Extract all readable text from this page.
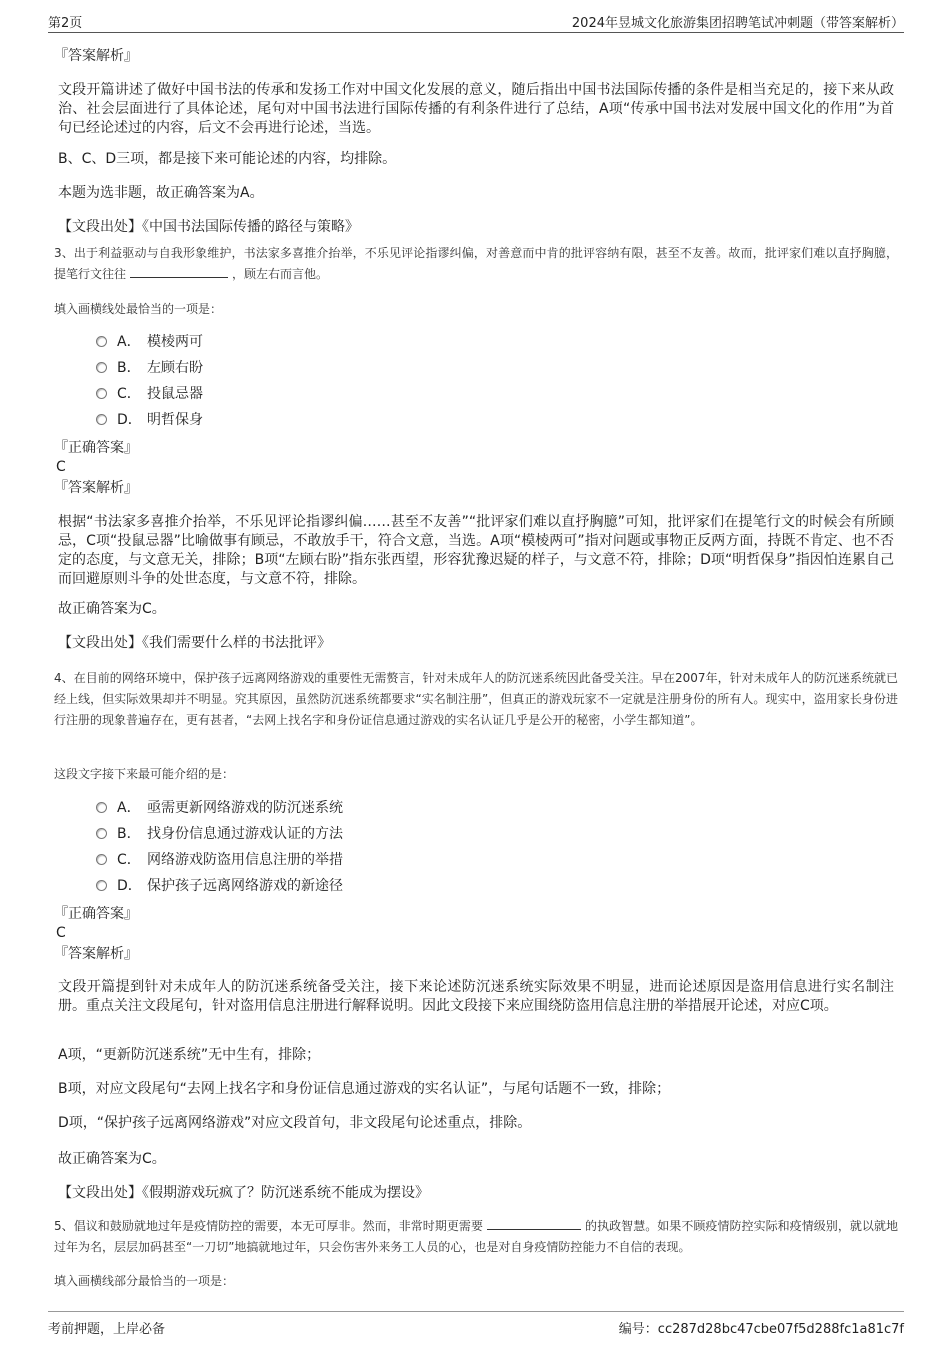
第2页	2024年昱城文化旅游集团招聘笔试冲刺题（带答案解析）
『答案解析』
文段开篇讲述了做好中国书法的传承和发扬工作对中国文化发展的意义，随后指出中国书法国际传播的条件是相当充足的，接下来从政治、社会层面进行了具体论述，尾句对中国书法进行国际传播的有利条件进行了总结，A项“传承中国书法对发展中国文化的作用”为首句已经论述过的内容，后文不会再进行论述，当选。
B、C、D三项，都是接下来可能论述的内容，均排除。
本题为选非题，故正确答案为A。
【文段出处】《中国书法国际传播的路径与策略》
3、出于利益驱动与自我形象维护，书法家多喜推介抬举，不乐见评论指谬纠偏，对善意而中肯的批评容纳有限，甚至不友善。故而，批评家们难以直抒胸臆，提笔行文往往	，顾左右而言他。
填入画横线处最恰当的一项是：
A． 模棱两可
B． 左顾右盼
C． 投鼠忌器
D． 明哲保身
『正确答案』
C
『答案解析』
根据“书法家多喜推介抬举，不乐见评论指谬纠偏……甚至不友善”“批评家们难以直抒胸臆”可知，批评家们在提笔行文的时候会有所顾忌，C项“投鼠忌器”比喻做事有顾忌，不敢放手干，符合文意，当选。A项“模棱两可”指对问题或事物正反两方面，持既不肯定、也不否定的态度，与文意无关，排除；B项“左顾右盼”指东张西望，形容犹豫迟疑的样子，与文意不符，排除；D项“明哲保身”指因怕连累自己而回避原则斗争的处世态度，与文意不符，排除。
故正确答案为C。
【文段出处】《我们需要什么样的书法批评》
4、在目前的网络环境中，保护孩子远离网络游戏的重要性无需赘言，针对未成年人的防沉迷系统因此备受关注。早在2007年，针对未成年人的防沉迷系统就已经上线，但实际效果却并不明显。究其原因，虽然防沉迷系统都要求“实名制注册”，但真正的游戏玩家不一定就是注册身份的所有人。现实中，盗用家长身份进行注册的现象普遍存在，更有甚者，“去网上找名字和身份证信息通过游戏的实名认证几乎是公开的秘密，小学生都知道”。
这段文字接下来最可能介绍的是：
A． 亟需更新网络游戏的防沉迷系统
B． 找身份信息通过游戏认证的方法
C． 网络游戏防盗用信息注册的举措
D． 保护孩子远离网络游戏的新途径
『正确答案』
C
『答案解析』
文段开篇提到针对未成年人的防沉迷系统备受关注，接下来论述防沉迷系统实际效果不明显，进而论述原因是盗用信息进行实名制注册。重点关注文段尾句，针对盗用信息注册进行解释说明。因此文段接下来应围绕防盗用信息注册的举措展开论述，对应C项。
A项，“更新防沉迷系统”无中生有，排除；
B项，对应文段尾句“去网上找名字和身份证信息通过游戏的实名认证”，与尾句话题不一致，排除；
D项，“保护孩子远离网络游戏”对应文段首句，非文段尾句论述重点，排除。
故正确答案为C。
【文段出处】《假期游戏玩疯了？防沉迷系统不能成为摆设》
5、倡议和鼓励就地过年是疫情防控的需要，本无可厚非。然而，非常时期更需要	的执政智慧。如果不顾疫情防控实际和疫情级别，就以就地过年为名，层层加码甚至“一刀切”地搞就地过年，只会伤害外来务工人员的心，也是对自身疫情防控能力不自信的表现。
填入画横线部分最恰当的一项是：
考前押题，上岸必备	编号：cc287d28bc47cbe07f5d288fc1a81c7f
